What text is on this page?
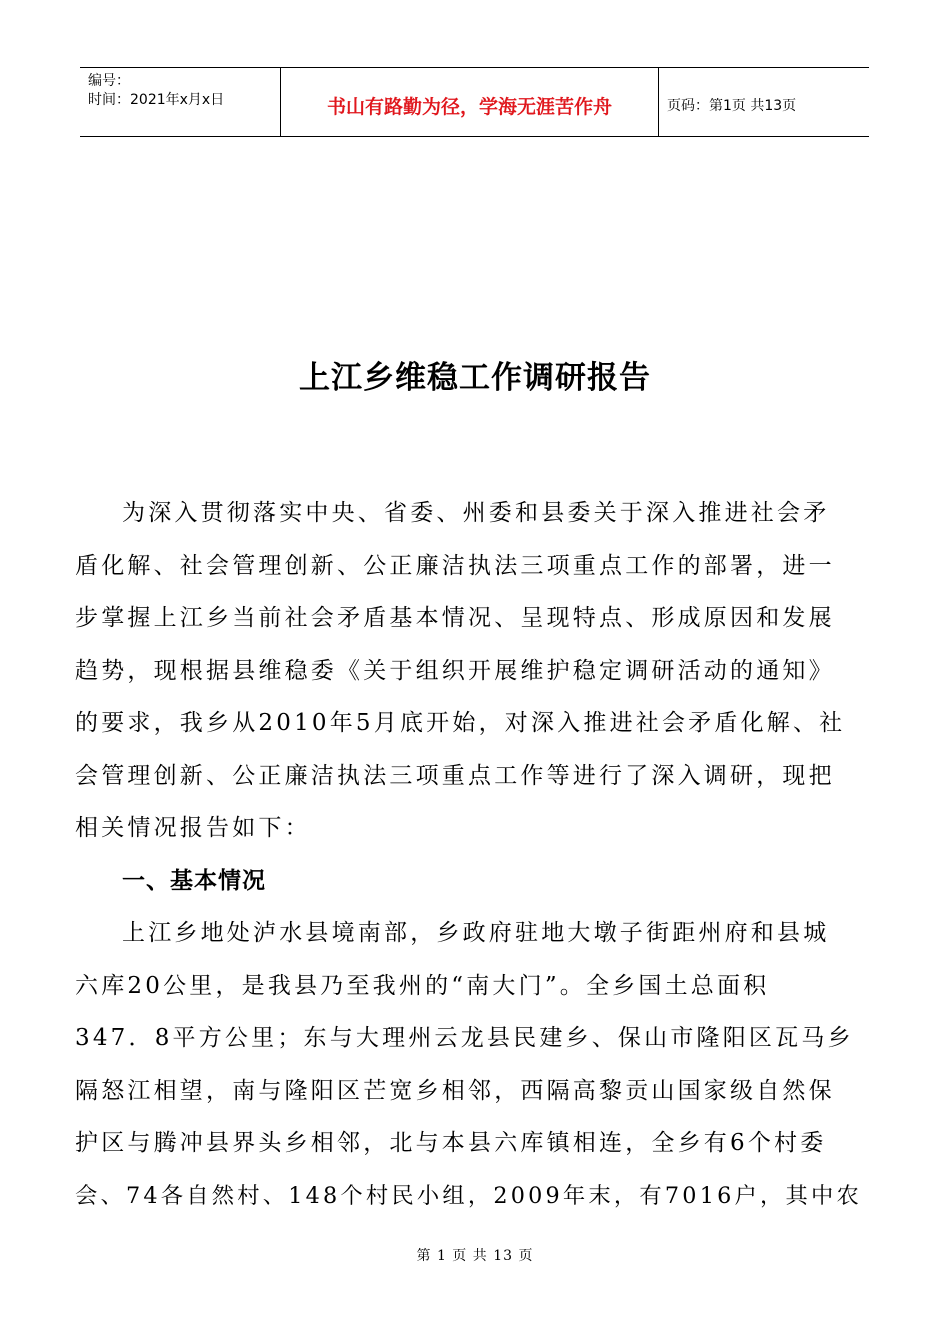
编号：
时间：2021年x月x日	书山有路勤为径，学海无涯苦作舟	页码：第1页 共13页
上江乡维稳工作调研报告
为深入贯彻落实中央、省委、州委和县委关于深入推进社会矛
盾化解、社会管理创新、公正廉洁执法三项重点工作的部署，进一
步掌握上江乡当前社会矛盾基本情况、呈现特点、形成原因和发展
趋势，现根据县维稳委《关于组织开展维护稳定调研活动的通知》
的要求，我乡从2010年5月底开始，对深入推进社会矛盾化解、社
会管理创新、公正廉洁执法三项重点工作等进行了深入调研，现把
相关情况报告如下：
一、基本情况
上江乡地处泸水县境南部，乡政府驻地大墩子街距州府和县城
六库20公里，是我县乃至我州的“南大门”。全乡国土总面积
347．8平方公里；东与大理州云龙县民建乡、保山市隆阳区瓦马乡
隔怒江相望，南与隆阳区芒宽乡相邻，西隔高黎贡山国家级自然保
护区与腾冲县界头乡相邻，北与本县六库镇相连，全乡有6个村委
会、74各自然村、148个村民小组，2009年末，有7016户，其中农
第 1 页 共 13 页
